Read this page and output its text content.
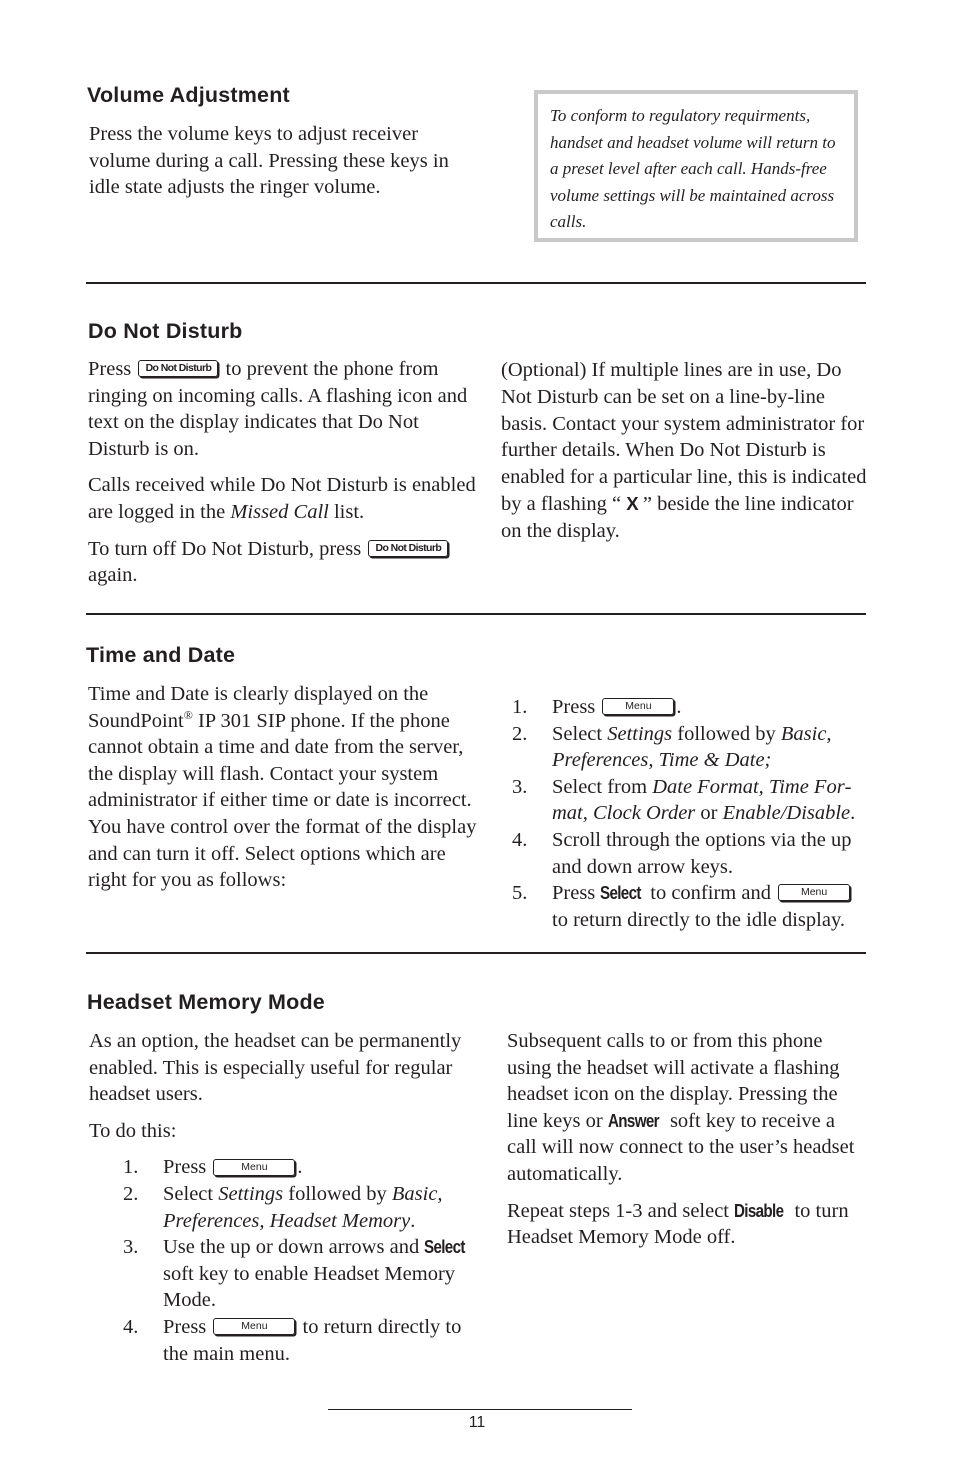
Volume Adjustment

Press the volume keys to adjust receiver volume during a call. Pressing these keys in idle state adjusts the ringer volume.

To conform to regulatory requirments, handset and headset volume will return to a preset level after each call. Hands-free volume settings will be maintained across calls.
Do Not Disturb

Press Do Not Disturb to prevent the phone from ringing on incoming calls. A flashing icon and text on the display indicates that Do Not Disturb is on.

Calls received while Do Not Disturb is enabled are logged in the Missed Call list.

To turn off Do Not Disturb, press Do Not Disturb again.

(Optional) If multiple lines are in use, Do Not Disturb can be set on a line-by-line basis. Contact your system administrator for further details. When Do Not Disturb is enabled for a particular line, this is indicated by a flashing “ X ” beside the line indicator on the display.

Time and Date

Time and Date is clearly displayed on the SoundPoint® IP 301 SIP phone. If the phone cannot obtain a time and date from the server, the display will flash. Contact your system administrator if either time or date is incorrect. You have control over the format of the display and can turn it off. Select options which are right for you as follows:

1. Press	Menu .
2. Select Settings followed by Basic, Preferences, Time & Date;
3. Select from Date Format, Time Format, Clock Order or Enable/Disable.
4. Scroll through the options via the up and down arrow keys.
5. Press Select to confirm and	Menu to return directly to the idle display.
Headset Memory Mode

As an option, the headset can be permanently enabled. This is especially useful for regular headset users.

To do this:

1. Press	Menu .
2. Select Settings followed by Basic, Preferences, Headset Memory.
3. Use the up or down arrows and Select soft key to enable Headset Memory Mode.
4. Press	Menu to return directly to the main menu.

Subsequent calls to or from this phone using the headset will activate a flashing headset icon on the display. Pressing the line keys or Answer soft key to receive a call will now connect to the user’s headset automatically.

Repeat steps 1-3 and select Disable to turn Headset Memory Mode off.

11
